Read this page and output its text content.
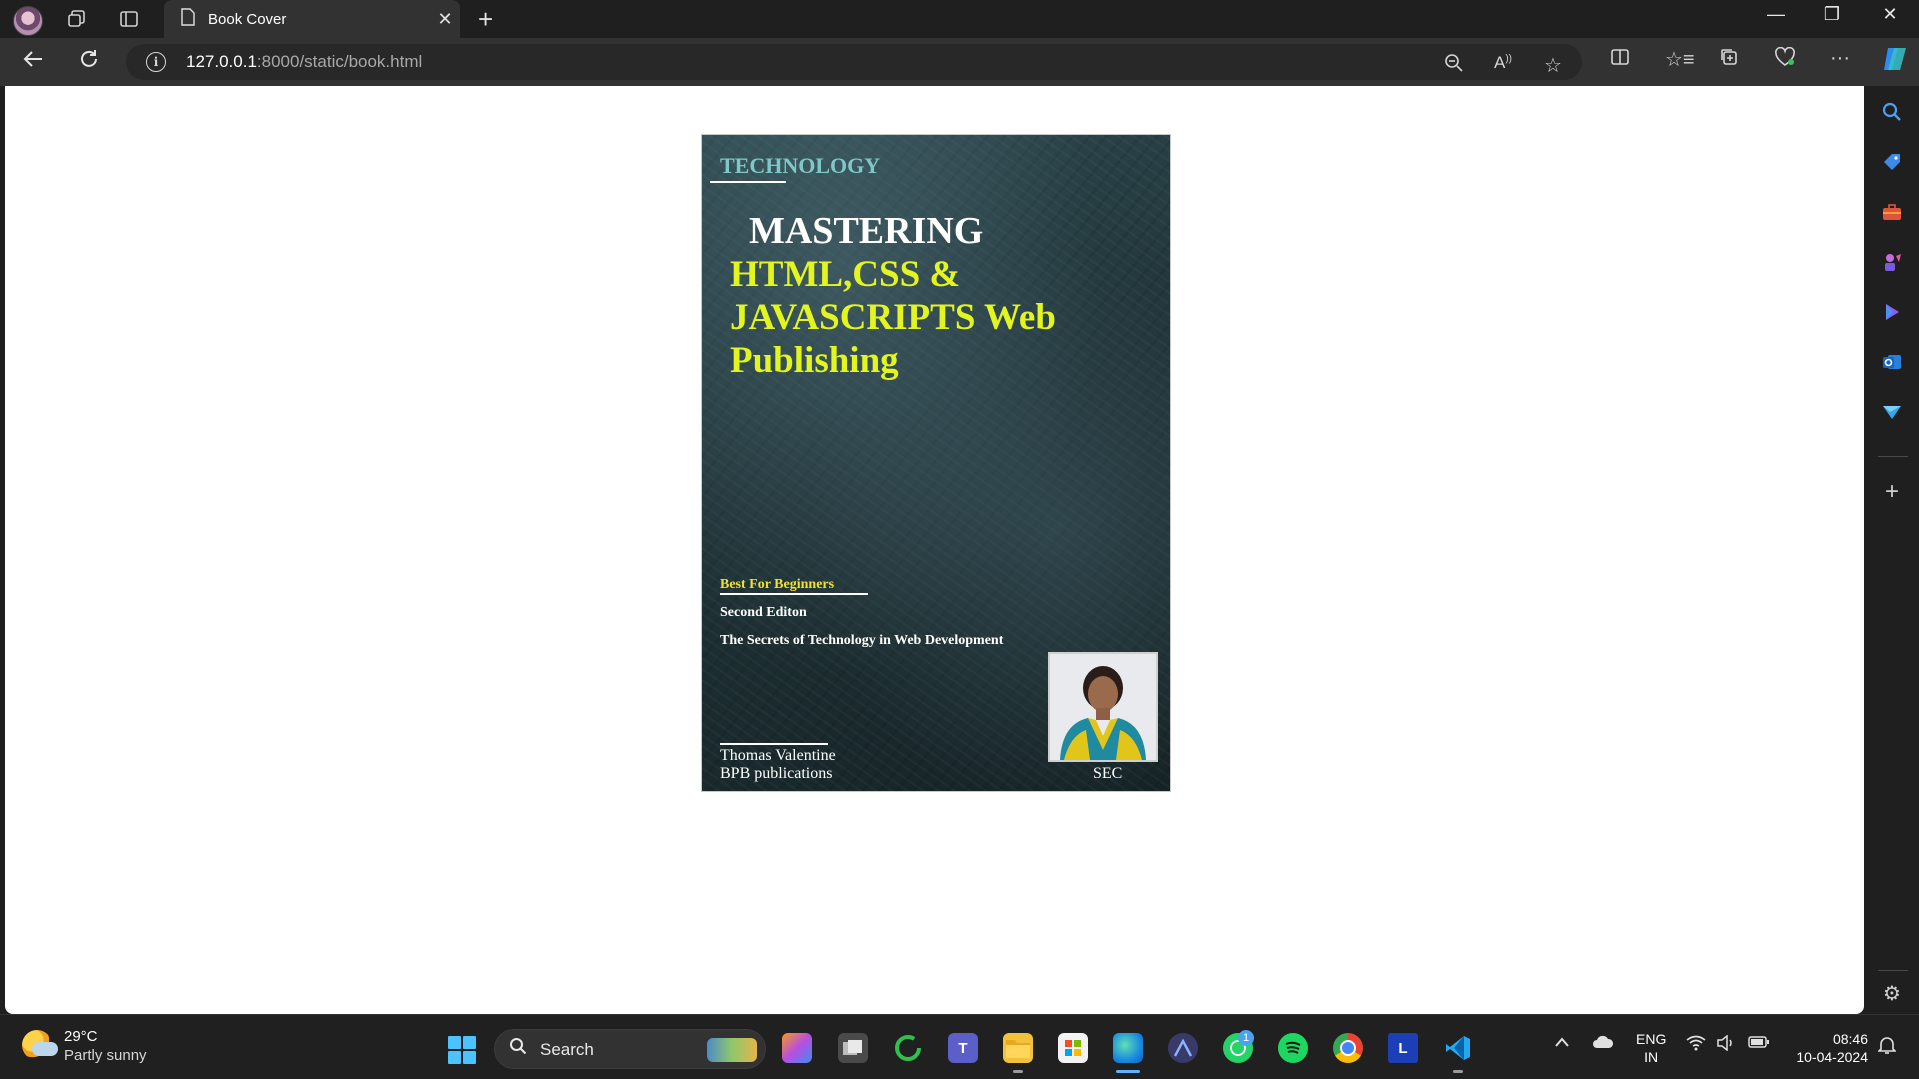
Book Cover	✕ +	—	❐	✕
i	127.0.0.1:8000/static/book.html	A)) ☆	☆≡	···
TECHNOLOGY
MASTERING
HTML,CSS &
JAVASCRIPTS Web
Publishing
Best For Beginners
Second Editon
The Secrets of Technology in Web Development
Thomas Valentine
BPB publications	SEC
+
⚙
29°C
Partly sunny	Search	T
1
L
ENG
IN
08:46
10-04-2024
